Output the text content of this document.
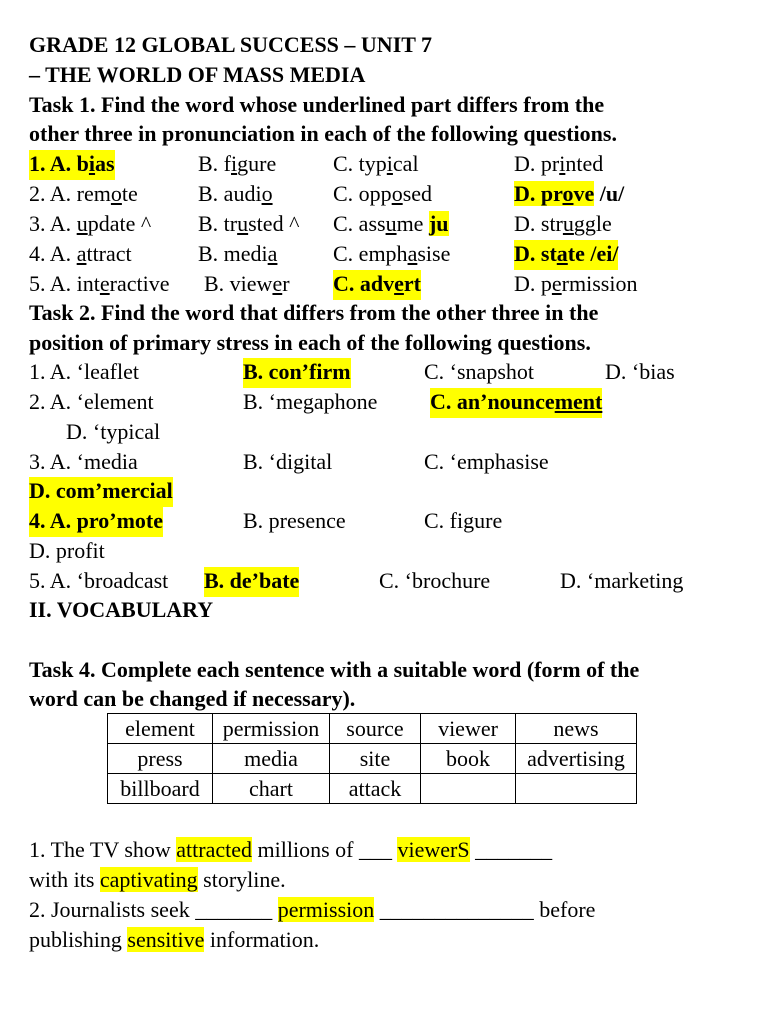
GRADE 12 GLOBAL SUCCESS – UNIT 7
– THE WORLD OF MASS MEDIA
Task 1. Find the word whose underlined part differs from the
other three in pronunciation in each of the following questions.
1. A. bias	B. figure	C. typical	D. printed
2. A. remote	B. audio	C. opposed	D. prove /u/
3. A. update ^ B. trusted ^ C. assume ju	D. struggle
4. A. attract	B. media	C. emphasise	D. state /ei/
5. A. interactive B. viewer C. advert	D. permission
Task 2. Find the word that differs from the other three in the
position of primary stress in each of the following questions.
1. A. ‘leaflet	B. con’firm	C. ‘snapshot	D. ‘bias
2. A. ‘element	B. ‘megaphone C. an’nouncement
D. ‘typical
3. A. ‘media	B. ‘digital	C. ‘emphasise
D. com’mercial
4. A. pro’mote	B. presence	C. figure
D. profit
5. A. ‘broadcast B. de’bate	C. ‘brochure	D. ‘marketing
II. VOCABULARY
Task 4. Complete each sentence with a suitable word (form of the
word can be changed if necessary).
element	permission	source	viewer	news
press	media	site	book	advertising
billboard	chart	attack		
1. The TV show attracted millions of ___ viewerS _______
with its captivating storyline.
2. Journalists seek _______ permission ______________ before
publishing sensitive information.
